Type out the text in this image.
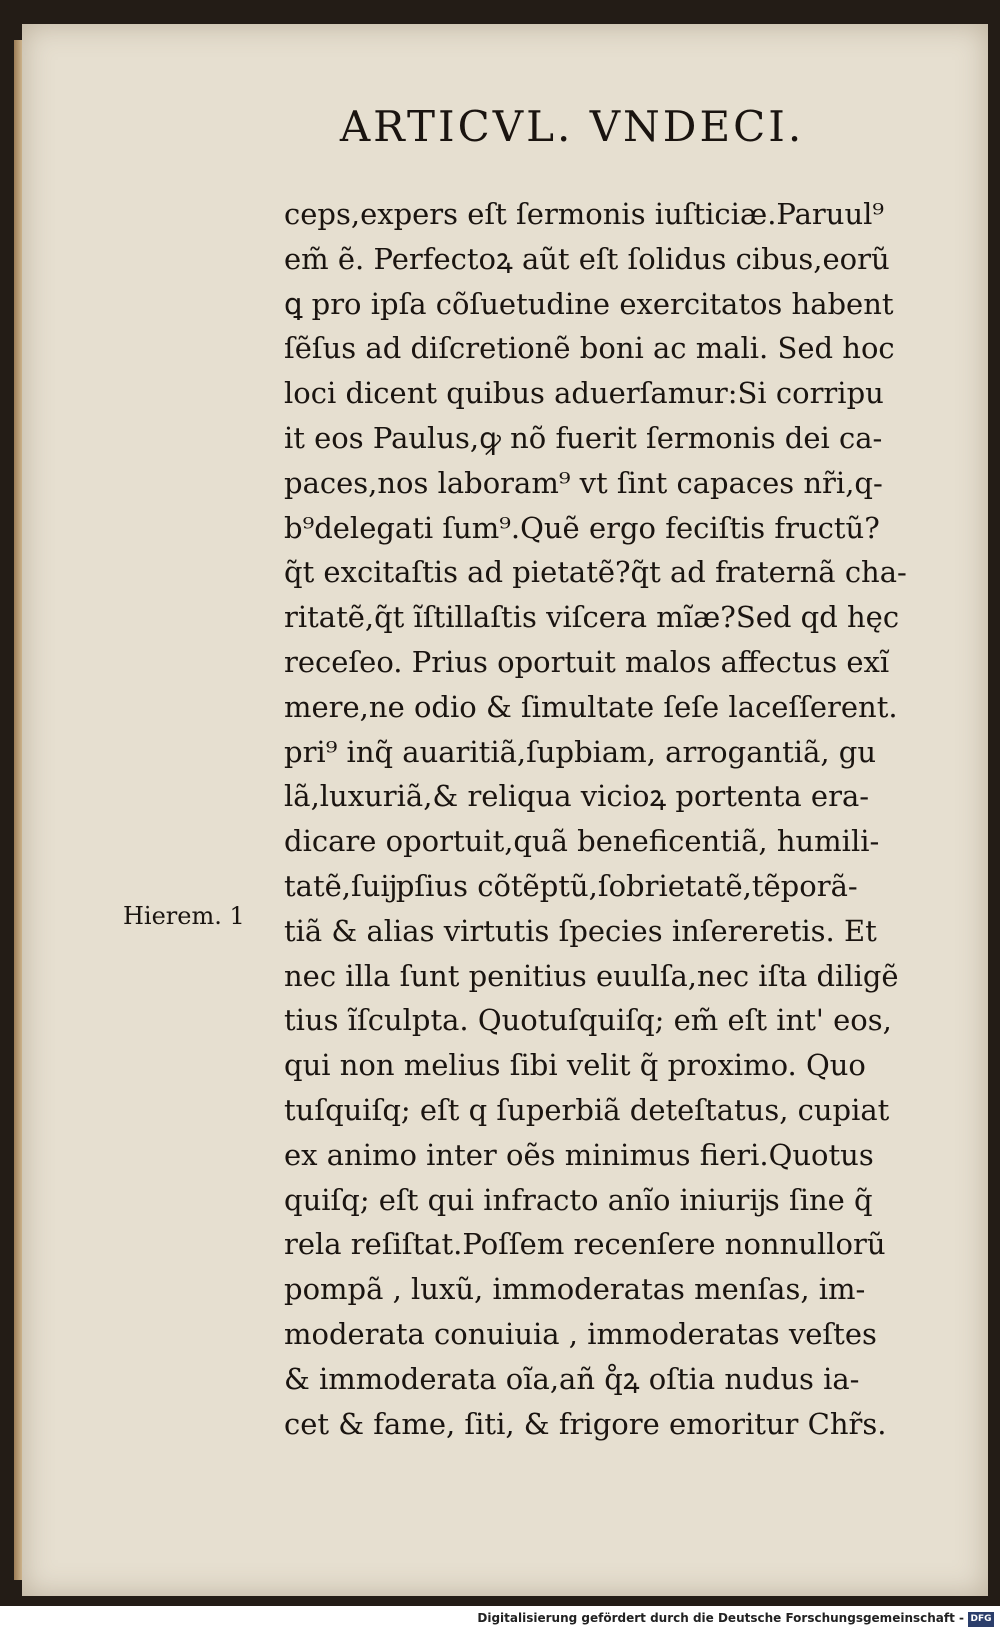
ARTICVL. VNDECI.
Hierem. 1
ceps,expers eſt ſermonis iuſticiæ.Paruul⁹
em̃ ẽ. Perfectoꝝ aũt eſt ſolidus cibus,eorũ
ꝗ pro ipſa cõſuetudine exercitatos habent
ſẽſus ad diſcretionẽ boni ac mali. Sed hoc
loci dicent quibus aduerſamur:Si corripu
it eos Paulus,ꝙ nõ fuerit ſermonis dei ca-
paces,nos laboram⁹ vt ſint capaces nr̃i,q-
b⁹delegati ſum⁹.Quẽ ergo feciſtis fructũ?
q̃t excitaſtis ad pietatẽ?q̃t ad fraternã cha-
ritatẽ,q̃t ĩſtillaſtis viſcera mĩæ?Sed qd hęc
receſeo. Prius oportuit malos affectus exĩ
mere,ne odio & ſimultate ſeſe laceſſerent.
pri⁹ inq̃ auaritiã,ſupbiam, arrogantiã, gu
lã,luxuriã,& reliqua vicioꝝ portenta era-
dicare oportuit,quã beneficentiã, humili-
tatẽ,ſuĳpſius cõtẽptũ,ſobrietatẽ,tẽporã-
tiã & alias virtutis ſpecies inſereretis. Et
nec illa ſunt penitius euulſa,nec iſta diligẽ
tius ĩſculpta. Quotuſquiſq; em̃ eſt int' eos,
qui non melius ſibi velit q̃ proximo. Quo
tuſquiſq; eſt q ſuperbiã deteſtatus, cupiat
ex animo inter oẽs minimus fieri.Quotus
quiſq; eſt qui infracto anĩo iniurĳs ſine q̃
rela reſiſtat.Poſſem recenſere nonnullorũ
pompã , luxũ, immoderatas menſas, im-
moderata conuiuia , immoderatas veſtes
& immoderata oĩa,añ q̊ꝝ oſtia nudus ia-
cet & fame, ſiti, & frigore emoritur Chr̃s.
Digitalisierung gefördert durch die Deutsche Forschungsgemeinschaft - DFG
